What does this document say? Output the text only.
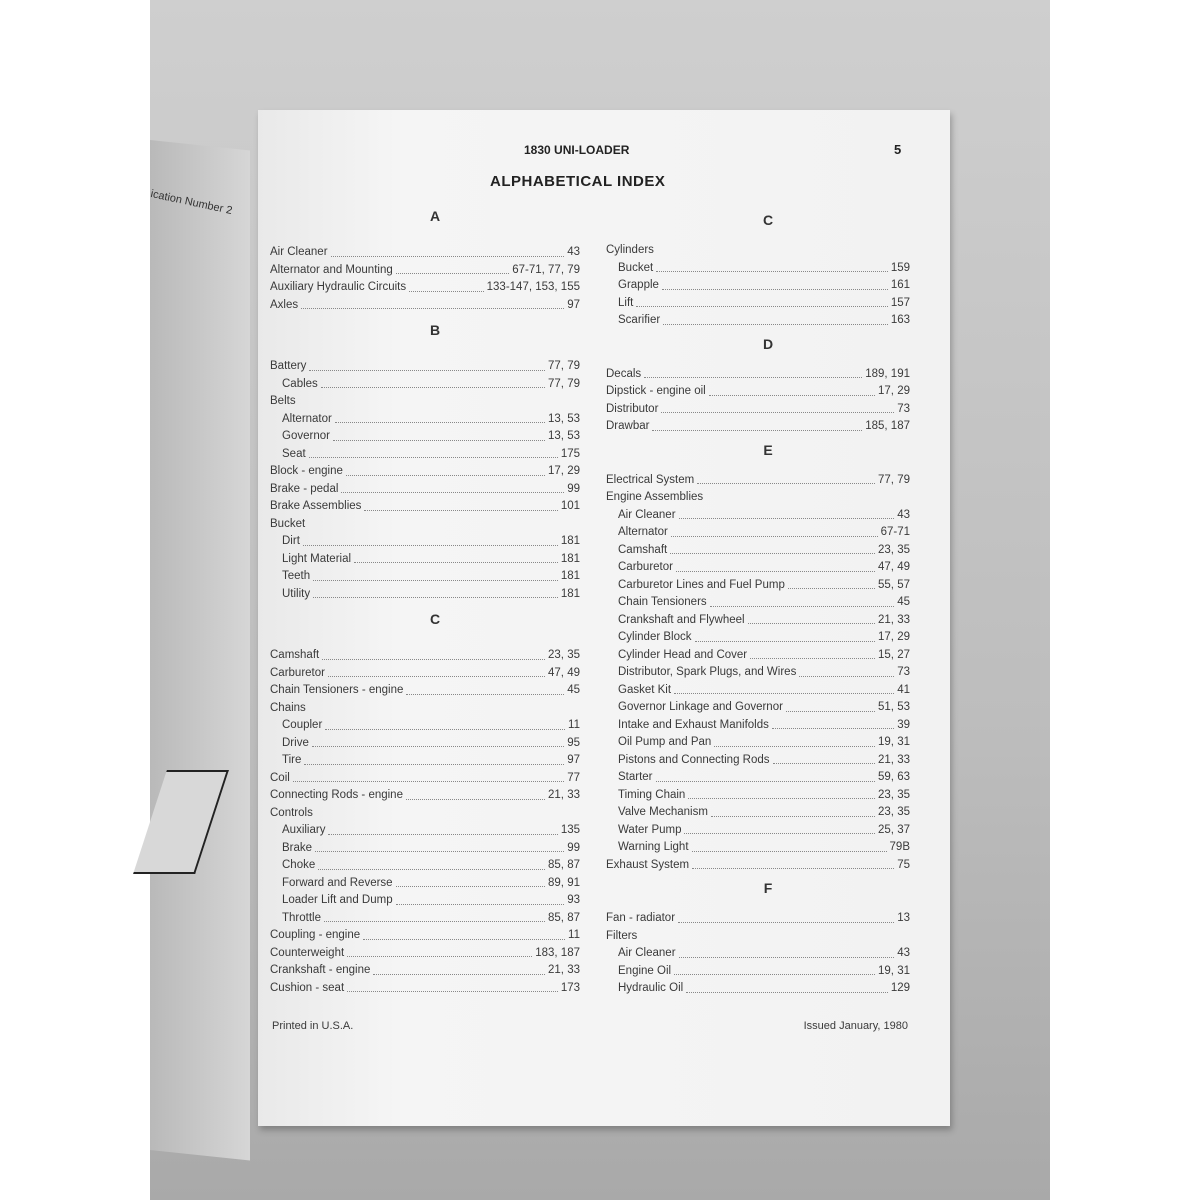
ication Number 2
1830 UNI-LOADER	5
ALPHABETICAL INDEX
A
Air Cleaner	43
Alternator and Mounting	67-71, 77, 79
Auxiliary Hydraulic Circuits	133-147, 153, 155
Axles	97
B
Battery	77, 79
Cables	77, 79
Belts
Alternator	13, 53
Governor	13, 53
Seat	175
Block - engine	17, 29
Brake - pedal	99
Brake Assemblies	101
Bucket
Dirt	181
Light Material	181
Teeth	181
Utility	181
C
Camshaft	23, 35
Carburetor	47, 49
Chain Tensioners - engine	45
Chains
Coupler	11
Drive	95
Tire	97
Coil	77
Connecting Rods - engine	21, 33
Controls
Auxiliary	135
Brake	99
Choke	85, 87
Forward and Reverse	89, 91
Loader Lift and Dump	93
Throttle	85, 87
Coupling - engine	11
Counterweight	183, 187
Crankshaft - engine	21, 33
Cushion - seat	173
C
Cylinders
Bucket	159
Grapple	161
Lift	157
Scarifier	163
D
Decals	189, 191
Dipstick - engine oil	17, 29
Distributor	73
Drawbar	185, 187
E
Electrical System	77, 79
Engine Assemblies
Air Cleaner	43
Alternator	67-71
Camshaft	23, 35
Carburetor	47, 49
Carburetor Lines and Fuel Pump	55, 57
Chain Tensioners	45
Crankshaft and Flywheel	21, 33
Cylinder Block	17, 29
Cylinder Head and Cover	15, 27
Distributor, Spark Plugs, and Wires	73
Gasket Kit	41
Governor Linkage and Governor	51, 53
Intake and Exhaust Manifolds	39
Oil Pump and Pan	19, 31
Pistons and Connecting Rods	21, 33
Starter	59, 63
Timing Chain	23, 35
Valve Mechanism	23, 35
Water Pump	25, 37
Warning Light	79B
Exhaust System	75
F
Fan - radiator	13
Filters
Air Cleaner	43
Engine Oil	19, 31
Hydraulic Oil	129
Printed in U.S.A.	Issued January, 1980
